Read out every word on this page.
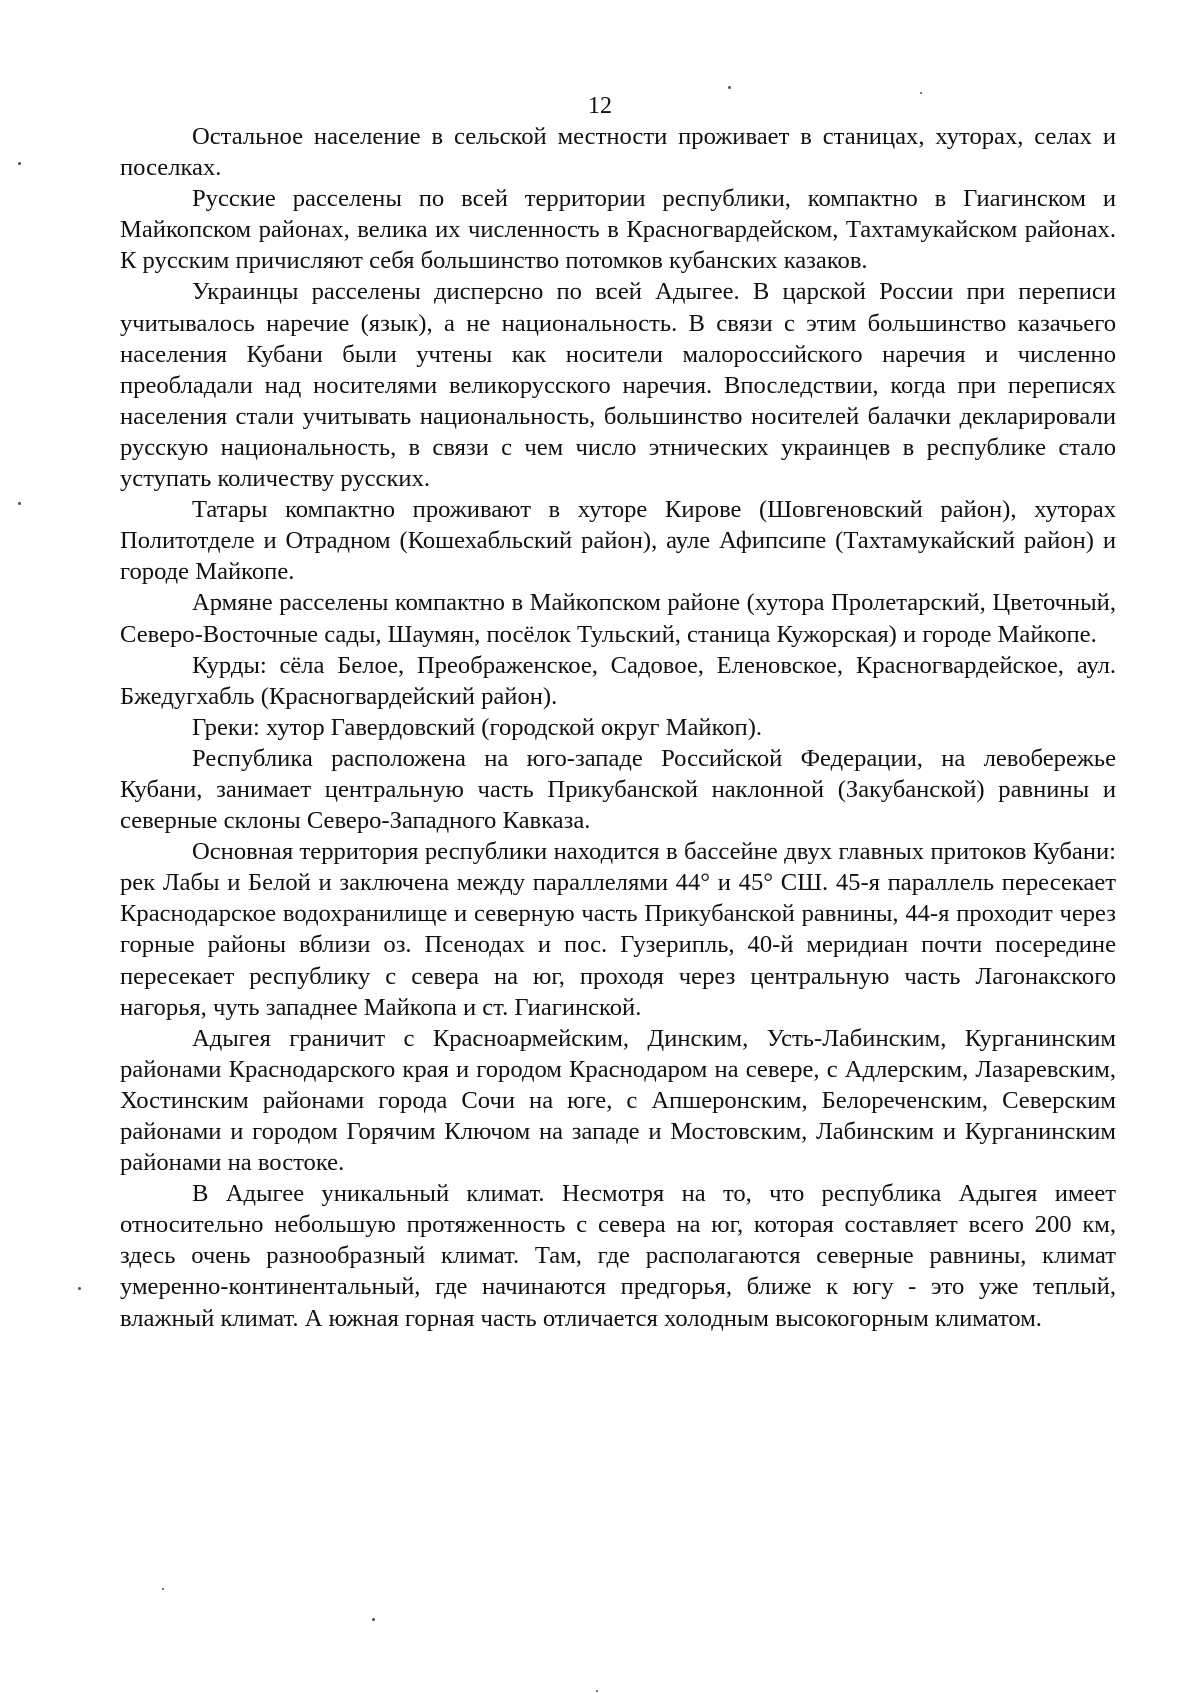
12

Остальное население в сельской местности проживает в станицах, хуторах, селах и поселках.

Русские расселены по всей территории республики, компактно в Гиагинском и Майкопском районах, велика их численность в Красногвардейском, Тахтамукайском районах. К русским причисляют себя большинство потомков кубанских казаков.

Украинцы расселены дисперсно по всей Адыгее. В царской России при переписи учитывалось наречие (язык), а не национальность. В связи с этим большинство казачьего населения Кубани были учтены как носители малороссийского наречия и численно преобладали над носителями великорусского наречия. Впоследствии, когда при переписях населения стали учитывать национальность, большинство носителей балачки декларировали русскую национальность, в связи с чем число этнических украинцев в республике стало уступать количеству русских.

Татары компактно проживают в хуторе Кирове (Шовгеновский район), хуторах Политотделе и Отрадном (Кошехабльский район), ауле Афипсипе (Тахтамукайский район) и городе Майкопе.

Армяне расселены компактно в Майкопском районе (хутора Пролетарский, Цветочный, Северо-Восточные сады, Шаумян, посёлок Тульский, станица Кужорская) и городе Майкопе.

Курды: сёла Белое, Преображенское, Садовое, Еленовское, Красногвардейское, аул. Бжедугхабль (Красногвардейский район).

Греки: хутор Гавердовский (городской округ Майкоп).

Республика расположена на юго-западе Российской Федерации, на левобережье Кубани, занимает центральную часть Прикубанской наклонной (Закубанской) равнины и северные склоны Северо-Западного Кавказа.

Основная территория республики находится в бассейне двух главных притоков Кубани: рек Лабы и Белой и заключена между параллелями 44° и 45° СШ. 45-я параллель пересекает Краснодарское водохранилище и северную часть Прикубанской равнины, 44-я проходит через горные районы вблизи оз. Псенодах и пос. Гузерипль, 40-й меридиан почти посередине пересекает республику с севера на юг, проходя через центральную часть Лагонакского нагорья, чуть западнее Майкопа и ст. Гиагинской.

Адыгея граничит с Красноармейским, Динским, Усть-Лабинским, Курганинским районами Краснодарского края и городом Краснодаром на севере, с Адлерским, Лазаревским, Хостинским районами города Сочи на юге, с Апшеронским, Белореченским, Северским районами и городом Горячим Ключом на западе и Мостовским, Лабинским и Курганинским районами на востоке.

В Адыгее уникальный климат. Несмотря на то, что республика Адыгея имеет относительно небольшую протяженность с севера на юг, которая составляет всего 200 км, здесь очень разнообразный климат. Там, где располагаются северные равнины, климат умеренно-континентальный, где начинаются предгорья, ближе к югу - это уже теплый, влажный климат. А южная горная часть отличается холодным высокогорным климатом.
